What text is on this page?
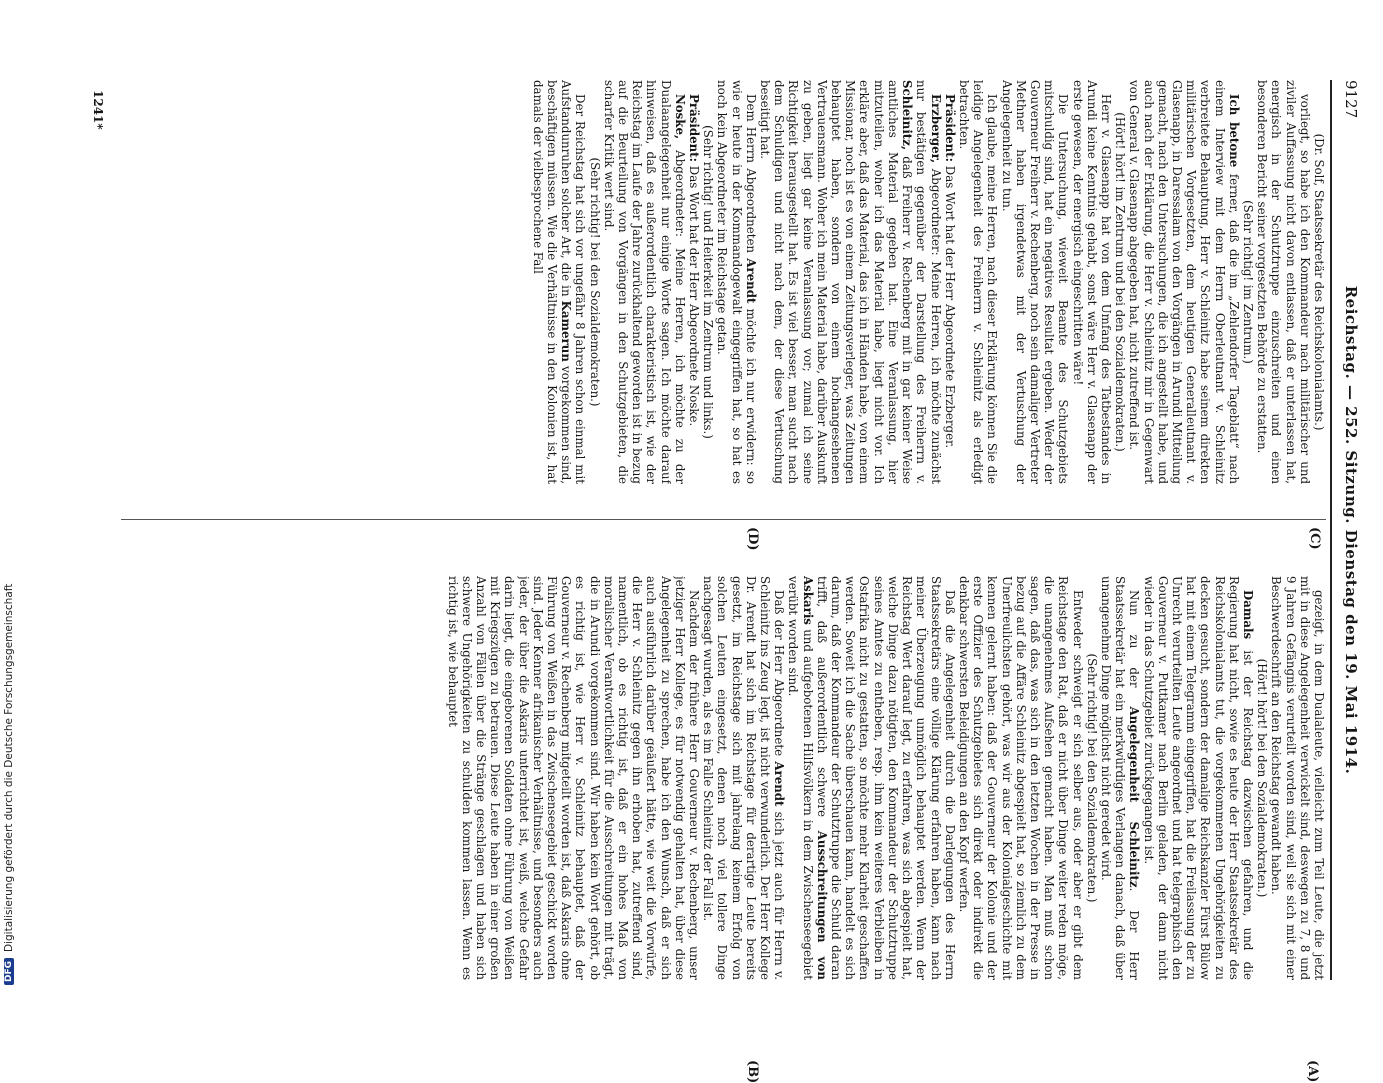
9127
Reichstag. — 252. Sitzung. Dienstag den 19. Mai 1914.

(Dr. Solf, Staatssekretär des Reichskolonialamts.)

vorliegt, so habe ich den Kommandeur nach militärischer und ziviler Auffassung nicht davon entlassen, daß er unterlassen hat, energisch in der Schutztruppe einzuschreiten und einen besonderen Bericht seiner vorgesetzten Behörde zu erstatten.

(Sehr richtig! im Zentrum.)

Ich betone ferner, daß die im „Zehlendorfer Tageblatt“ nach einem Interview mit dem Herrn Oberleutnant v. Schleinitz verbreitete Behauptung, Herr v. Schleinitz habe seinem direkten militärischen Vorgesetzten, dem heutigen Generalleutnant v. Glasenapp, in Daressalam von den Vorgängen in Arundi Mitteilung gemacht, nach den Untersuchungen, die ich angestellt habe, und auch nach der Erklärung, die Herr v. Schleinitz mir in Gegenwart von General v. Glasenapp abgegeben hat, nicht zutreffend ist.

(Hört! hört! im Zentrum und bei den Sozialdemokraten.)

Herr v. Glasenapp hat von dem Umfang des Tatbestandes in Arundi keine Kenntnis gehabt, sonst wäre Herr v. Glasenapp der erste gewesen, der energisch eingeschritten wäre!

Die Untersuchung, wieweit Beamte des Schutzgebiets mitschuldig sind, hat ein negatives Resultat ergeben. Weder der Gouverneur Freiherr v. Rechenberg, noch sein damaliger Vertreter Methner haben irgendetwas mit der Vertuschung der Angelegenheit zu tun.

Ich glaube, meine Herren, nach dieser Erklärung können Sie die leidige Angelegenheit des Freiherrn v. Schleinitz als erledigt betrachten.

Präsident: Das Wort hat der Herr Abgeordnete Erzberger.

Erzberger, Abgeordneter: Meine Herren, ich möchte zunächst nur bestätigen gegenüber der Darstellung des Freiherrn v. Schleinitz, daß Freiherr v. Rechenberg mit in gar keiner Weise amtliches Material gegeben hat. Eine Veranlassung, hier mitzuteilen, woher ich das Material habe, liegt nicht vor. Ich erkläre aber, daß das Material, das ich in Händen habe, von einem Missionar, noch ist es von einem Zeitungsverleger, was Zeitungen behauptet haben, sondern von einem hochangesehenen Vertrauensmann. Woher ich mein Material habe, darüber Auskunft zu geben, liegt gar keine Veranlassung vor; zumal ich seine Richtigkeit herausgestellt hat. Es ist viel besser, man sucht nach dem Schuldigen und nicht nach dem, der diese Vertuschung beseitigt hat.

Dem Herrn Abgeordneten Arendt möchte ich nur erwidern: so wie er heute in der Kommandogewalt eingegriffen hat, so hat es noch kein Abgeordneter im Reichstage getan.

(Sehr richtig! und Heiterkeit im Zentrum und links.)

Präsident: Das Wort hat der Herr Abgeordnete Noske.

Noske, Abgeordneter: Meine Herren, ich möchte zu der Dualaangelegenheit nur einige Worte sagen. Ich möchte darauf hinweisen, daß es außerordentlich charakteristisch ist, wie der Reichstag im Laufe der Jahre zurückhaltend geworden ist in bezug auf die Beurteilung von Vorgängen in den Schutzgebieten, die scharfer Kritik wert sind.

(Sehr richtig! bei den Sozialdemokraten.)

Der Reichstag hat sich vor ungefähr 8 Jahren schon einmal mit Aufstandunruhen solcher Art, die in Kamerun vorgekommen sind, beschäftigen müssen. Wie die Verhältnisse in den Kolonien ist, hat damals der vielbesprochene Fall

gezeigt, in dem Dualaleute, vielleicht zum Teil Leute, die jetzt mit in diese Angelegenheit verwickelt sind, deswegen zu 7, 8 und 9 Jahren Gefängnis verurteilt worden sind, weil sie sich mit einer Beschwerdeschrift an den Reichstag gewandt haben.

(Hört! hört! bei den Sozialdemokraten.)

Damals ist der Reichstag dazwischen gefahren, und die Regierung hat nicht, sowie es heute der Herr Staatssekretär des Reichskolonialamts tut, die vorgekommenen Ungehörigkeiten zu decken gesucht, sondern der damalige Reichskanzler Fürst Bülow hat mit einem Telegramm eingegriffen, hat die Freilassung der zu Unrecht verurteilten Leute angeordnet und hat telegraphisch den Gouverneur v. Puttkamer nach Berlin geladen, der dann nicht wieder in das Schutzgebiet zurückgegangen ist.

Nun zu der Angelegenheit Schleinitz. Der Herr Staatssekretär hat ein merkwürdiges Verlangen danach, daß über unangenehme Dinge möglichst nicht geredet wird.

(Sehr richtig! bei den Sozialdemokraten.)

Entweder schweigt er sich selber aus, oder aber er gibt dem Reichstage den Rat, daß er nicht über Dinge weiter reden möge, die unangenehmes Aufsehen gemacht haben. Man muß schon sagen, daß das, was sich in den letzten Wochen in der Presse in bezug auf die Affäre Schleinitz abgespielt hat, so ziemlich zu dem Unerfreulichsten gehört, was wir aus der Kolonialgeschichte mit kennen gelernt haben: daß der Gouverneur der Kolonie und der erste Offizier des Schutzgebietes sich direkt oder indirekt die denkbar schwersten Beleidigungen an den Kopf werfen.

Daß die Angelegenheit durch die Darlegungen des Herrn Staatssekretärs eine völlige Klärung erfahren haben, kann nach meiner Überzeugung unmöglich behauptet werden. Wenn der Reichstag Wert darauf legt, zu erfahren, was sich abgespielt hat, welche Dinge dazu nötigten, den Kommandeur der Schutztruppe seines Amtes zu entheben, resp. ihm kein weiteres Verbleiben in Ostafrika nicht zu gestatten, so möchte mehr Klarheit geschaffen werden. Soweit ich die Sache überschauen kann, handelt es sich darum, daß der Kommandeur der Schutztruppe die Schuld daran trifft, daß außerordentlich schwere Ausschreitungen von Askaris und aufgebotenen Hilfsvölkern in dem Zwischenseegebiet verübt worden sind.

Daß der Herr Abgeordnete Arendt sich jetzt auch für Herrn v. Schleinitz ins Zeug legt, ist nicht verwunderlich. Der Herr Kollege Dr. Arendt hat sich im Reichstage für derartige Leute bereits gesetzt, im Reichstage sich mit jahrelang keinem Erfolg von solchen Leuten eingesetzt, denen noch viel tollere Dinge nachgesagt wurden, als es im Falle Schleinitz der Fall ist.

Nachdem der frühere Herr Gouverneur v. Rechenberg, unser jetziger Herr Kollege, es für notwendig gehalten hat, über diese Angelegenheit zu sprechen, habe ich den Wunsch, daß er sich auch ausführlich darüber geäußert hätte, wie weit die Vorwürfe, die Herr v. Schleinitz gegen ihn erhoben hat, zutreffend sind, namentlich, ob es richtig ist, daß er ein hohes Maß von moralischer Verantwortlichkeit für die Ausschreitungen mit trägt, die in Arundi vorgekommen sind. Wir haben kein Wort gehört, ob es richtig ist, wie Herr v. Schleinitz behauptet, daß der Gouverneur v. Rechenberg mitgeteilt worden ist, daß Askaris ohne Führung von Weißen in das Zwischenseegebiet geschickt worden sind. Jeder Kenner afrikanischer Verhältnisse, und besonders auch jeder, der über die Askaris unterrichtet ist, weiß, welche Gefahr darin liegt, die eingeborenen Soldaten ohne Führung von Weißen mit Kriegszügen zu betrauen. Diese Leute haben in einer großen Anzahl von Fällen über die Stränge geschlagen und haben sich schwere Ungehörigkeiten zu schulden kommen lassen. Wenn es richtig ist, wie behauptet

(C)
(D)
1241*
(A)
(B)
DFGDigitalisierung gefördert durch die Deutsche Forschungsgemeinschaft
